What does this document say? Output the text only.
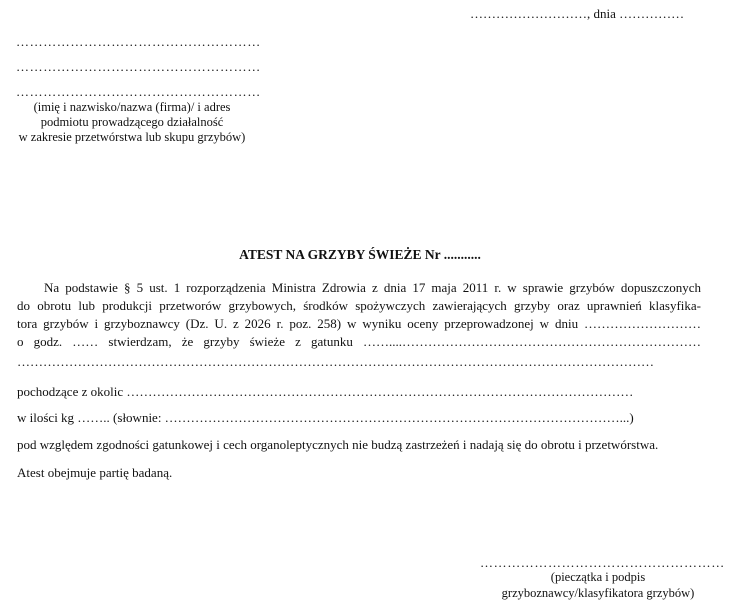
………………………, dnia ……………
………………………………………………
………………………………………………
………………………………………………
(imię i nazwisko/nazwa (firma)/ i adres
podmiotu prowadzącego działalność
w zakresie przetwórstwa lub skupu grzybów)
ATEST NA GRZYBY ŚWIEŻE Nr ...........
Na podstawie § 5 ust. 1 rozporządzenia Ministra Zdrowia z dnia 17 maja 2011 r. w sprawie grzybów dopuszczonych
do obrotu lub produkcji przetworów grzybowych, środków spożywczych zawierających grzyby oraz uprawnień klasyfika-
tora grzybów i grzyboznawcy (Dz. U. z 2026 r. poz. 258) w wyniku oceny przeprowadzonej w dniu ………………………
o godz. …… stwierdzam, że grzyby świeże z gatunku ……....……………………………………………………………
…………………………………………………………………………………………………………………………………
pochodzące z okolic ………………………………………………………………………………………………………
w ilości kg …….. (słownie: ……………………………………………………………………………………………...)
pod względem zgodności gatunkowej i cech organoleptycznych nie budzą zastrzeżeń i nadają się do obrotu i przetwórstwa.
Atest obejmuje partię badaną.
………………………………………………
(pieczątka i podpis
grzyboznawcy/klasyfikatora grzybów)
